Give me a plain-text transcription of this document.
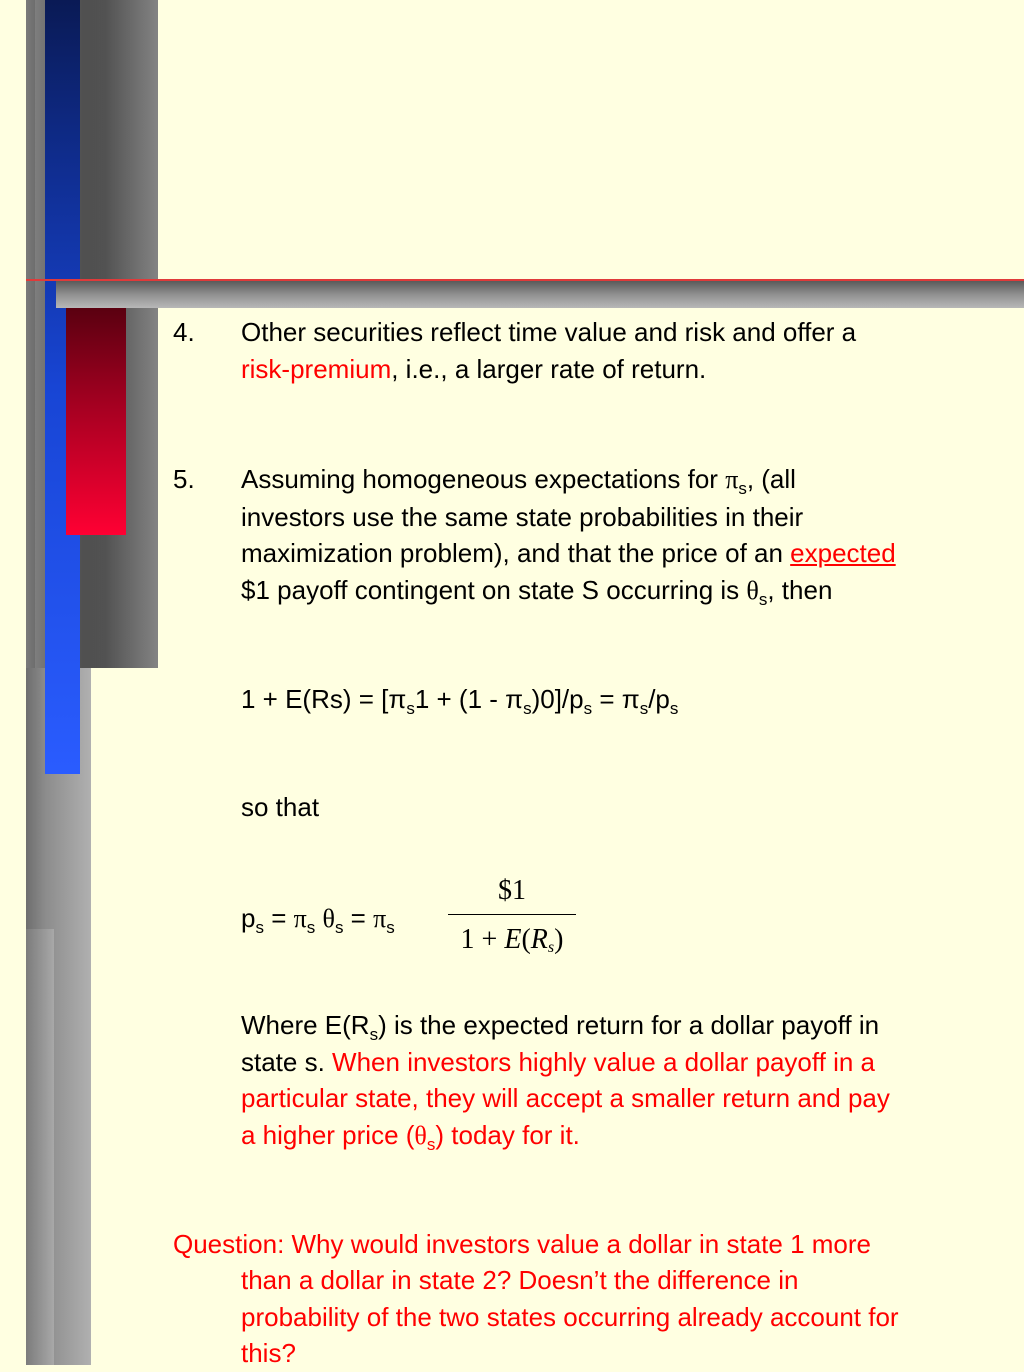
4. Other securities reflect time value and risk and offer a
risk-premium, i.e., a larger rate of return.
5. Assuming homogeneous expectations for $\pi_s$, (all
investors use the same state probabilities in their
maximization problem), and that the price of an expected
$1 payoff contingent on state S occurring is $\theta_s$, then
$1 + E(Rs) = [\pi_s1 + (1 - \pi_s)0]/p_s = \pi_s/p_s$
so that
$p_s = \pi_s$ $\theta_s = \pi_s$
$1
$1 + E(R_s)$
Where $E(R_s)$ is the expected return for a dollar payoff in
state s. When investors highly value a dollar payoff in a
particular state, they will accept a smaller return and pay
a higher price $(\theta_s)$ today for it.
Question: Why would investors value a dollar in state 1 more
than a dollar in state 2? Doesn’t the difference in
probability of the two states occurring already account for
this?
